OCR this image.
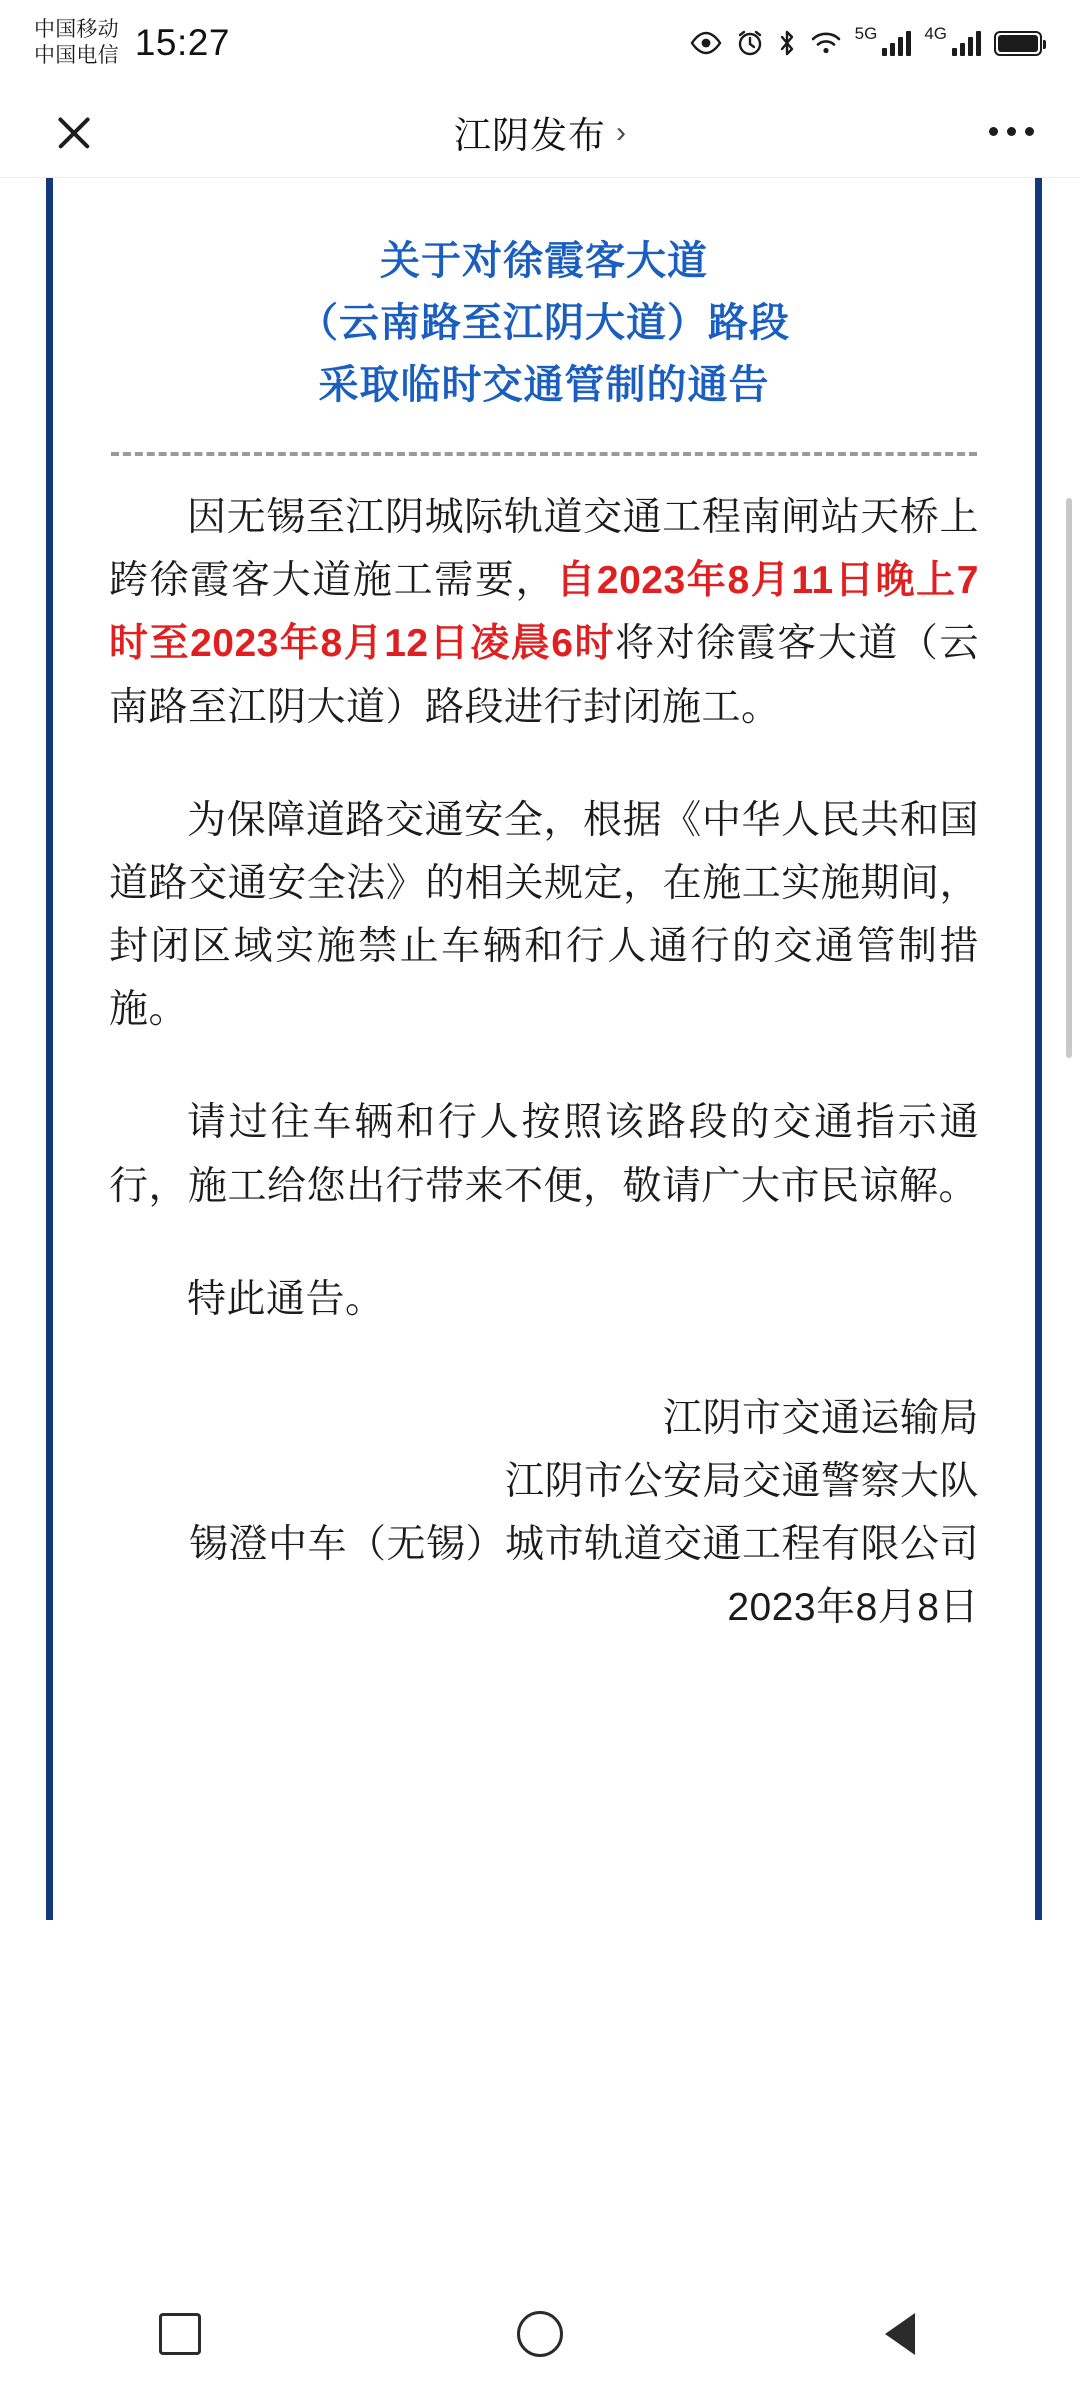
中国移动
中国电信 15:27	5G	4G
江阴发布 ›
关于对徐霞客大道
（云南路至江阴大道）路段
采取临时交通管制的通告

因无锡至江阴城际轨道交通工程南闸站天桥上跨徐霞客大道施工需要，自2023年8月11日晚上7时至2023年8月12日凌晨6时将对徐霞客大道（云南路至江阴大道）路段进行封闭施工。

为保障道路交通安全，根据《中华人民共和国道路交通安全法》的相关规定，在施工实施期间，封闭区域实施禁止车辆和行人通行的交通管制措施。

请过往车辆和行人按照该路段的交通指示通行，施工给您出行带来不便，敬请广大市民谅解。

特此通告。

江阴市交通运输局
江阴市公安局交通警察大队
锡澄中车（无锡）城市轨道交通工程有限公司
2023年8月8日
